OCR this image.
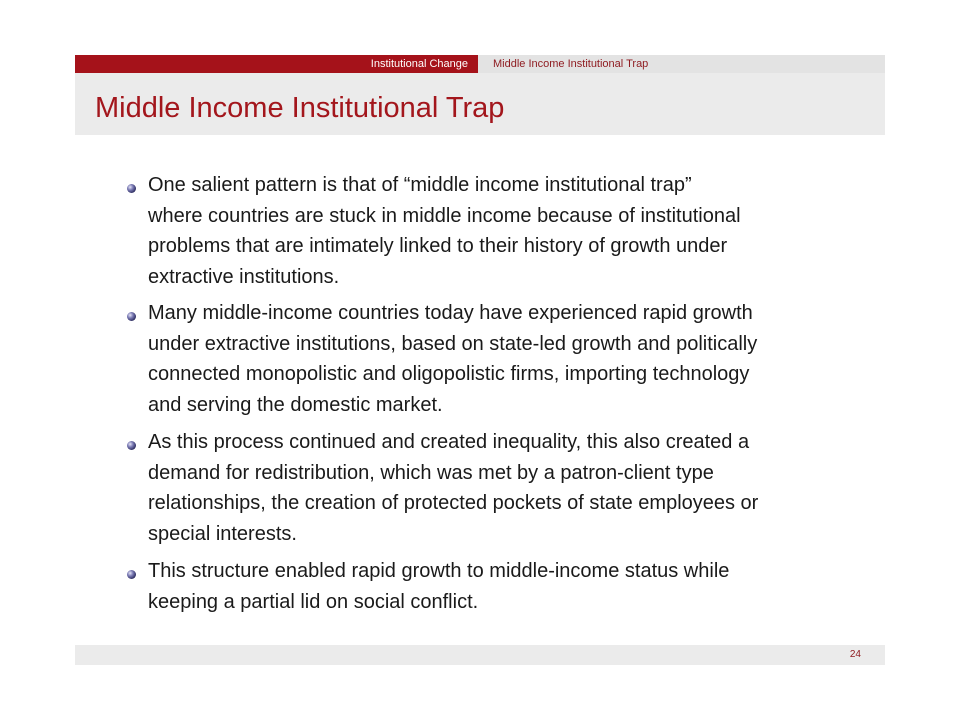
Institutional Change	Middle Income Institutional Trap
Middle Income Institutional Trap
One salient pattern is that of “middle income institutional trap”
where countries are stuck in middle income because of institutional
problems that are intimately linked to their history of growth under
extractive institutions.
Many middle-income countries today have experienced rapid growth
under extractive institutions, based on state-led growth and politically
connected monopolistic and oligopolistic firms, importing technology
and serving the domestic market.
As this process continued and created inequality, this also created a
demand for redistribution, which was met by a patron-client type
relationships, the creation of protected pockets of state employees or
special interests.
This structure enabled rapid growth to middle-income status while
keeping a partial lid on social conflict.
24
